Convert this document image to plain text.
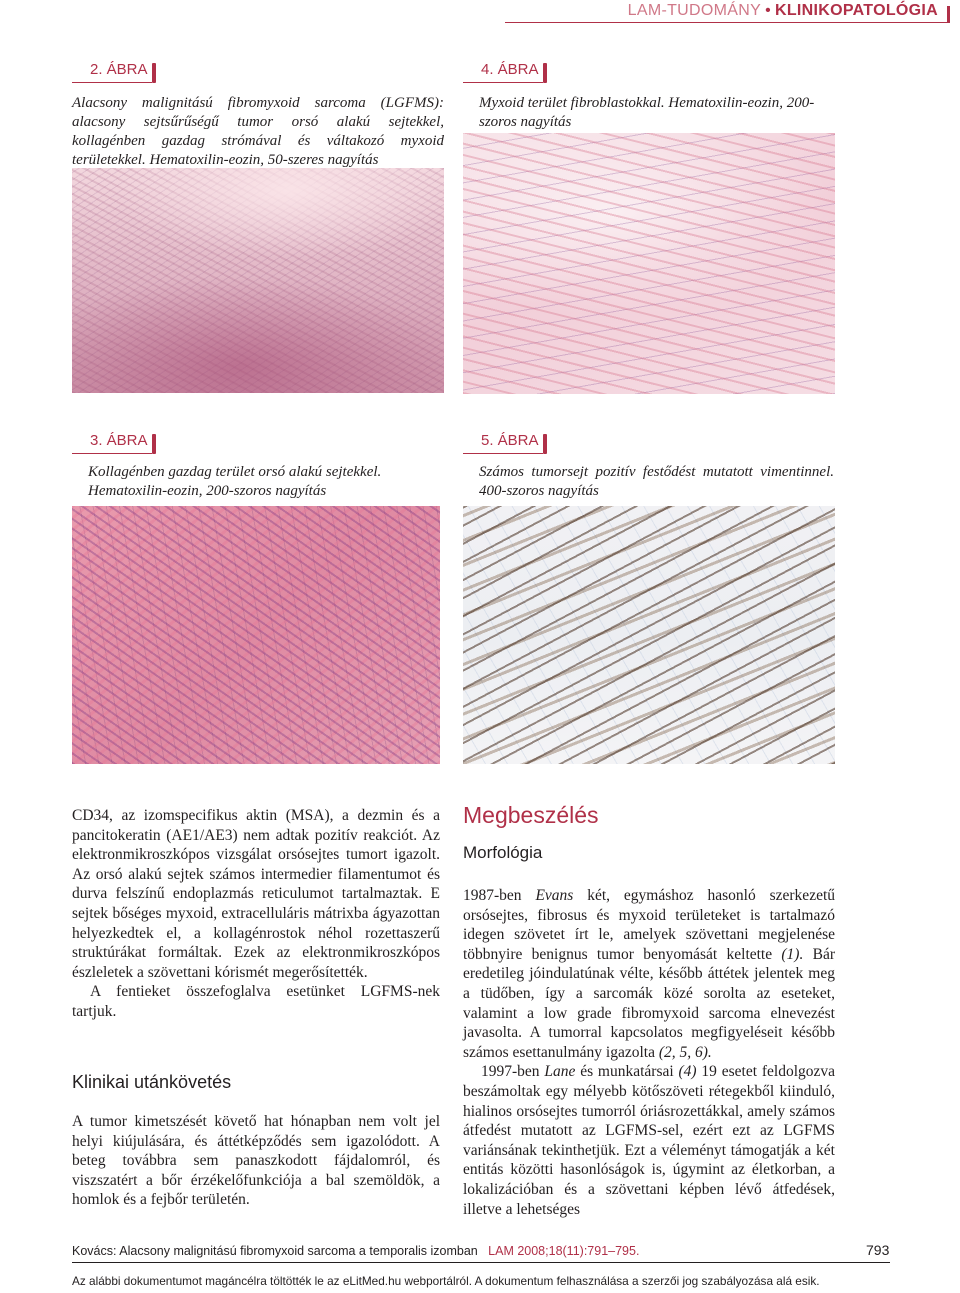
LAM-TUDOMÁNY • KLINIKOPATOLÓGIA
2. ÁBRA
Alacsony malignitású fibromyxoid sarcoma (LGFMS): alacsony sejtsűrűségű tumor orsó alakú sejtekkel, kollagénben gazdag strómával és váltakozó myxoid területekkel. Hematoxilin-eozin, 50-szeres nagyítás
4. ÁBRA
Myxoid terület fibroblastokkal. Hematoxilin-eozin, 200-szoros nagyítás
3. ÁBRA
Kollagénben gazdag terület orsó alakú sejtekkel. Hematoxilin-eozin, 200-szoros nagyítás
5. ÁBRA
Számos tumorsejt pozitív festődést mutatott vimentinnel. 400-szoros nagyítás

CD34, az izomspecifikus aktin (MSA), a dezmin és a pancitokeratin (AE1/AE3) nem adtak pozitív reakciót. Az elektronmikroszkópos vizsgálat orsósejtes tumort igazolt. Az orsó alakú sejtek számos intermedier filamentumot és durva felszínű endoplazmás reticulumot tartalmaztak. E sejtek bőséges myxoid, extracelluláris mátrixba ágyazottan helyezkedtek el, a kollagénrostok néhol rozettaszerű struktúrákat formáltak. Ezek az elektronmikroszkópos észleletek a szövettani kórismét megerősítették.

A fentieket összefoglalva esetünket LGFMS-nek tartjuk.

Klinikai utánkövetés

A tumor kimetszését követő hat hónapban nem volt jel helyi kiújulására, és áttétképződés sem igazolódott. A beteg továbbra sem panaszkodott fájdalomról, és viszszatért a bőr érzékelőfunkciója a bal szemöldök, a homlok és a fejbőr területén.

Megbeszélés
Morfológia

1987-ben Evans két, egymáshoz hasonló szerkezetű orsósejtes, fibrosus és myxoid területeket is tartalmazó idegen szövetet írt le, amelyek szövettani megjelenése többnyire benignus tumor benyomását keltette (1). Bár eredetileg jóindulatúnak vélte, később áttétek jelentek meg a tüdőben, így a sarcomák közé sorolta az eseteket, valamint a low grade fibromyxoid sarcoma elnevezést javasolta. A tumorral kapcsolatos megfigyeléseit később számos esettanulmány igazolta (2, 5, 6).

1997-ben Lane és munkatársai (4) 19 esetet feldolgozva beszámoltak egy mélyebb kötőszöveti rétegekből kiinduló, hialinos orsósejtes tumorról óriásrozettákkal, amely számos átfedést mutatott az LGFMS-sel, ezért ezt az LGFMS variánsának tekinthetjük. Ezt a véleményt támogatják a két entitás közötti hasonlóságok is, úgymint az életkorban, a lokalizációban és a szövettani képben lévő átfedések, illetve a lehetséges

Kovács: Alacsony malignitású fibromyxoid sarcoma a temporalis izomban LAM 2008;18(11):791–795.	793
Az alábbi dokumentumot magáncélra töltötték le az eLitMed.hu webportálról. A dokumentum felhasználása a szerzői jog szabályozása alá esik.
